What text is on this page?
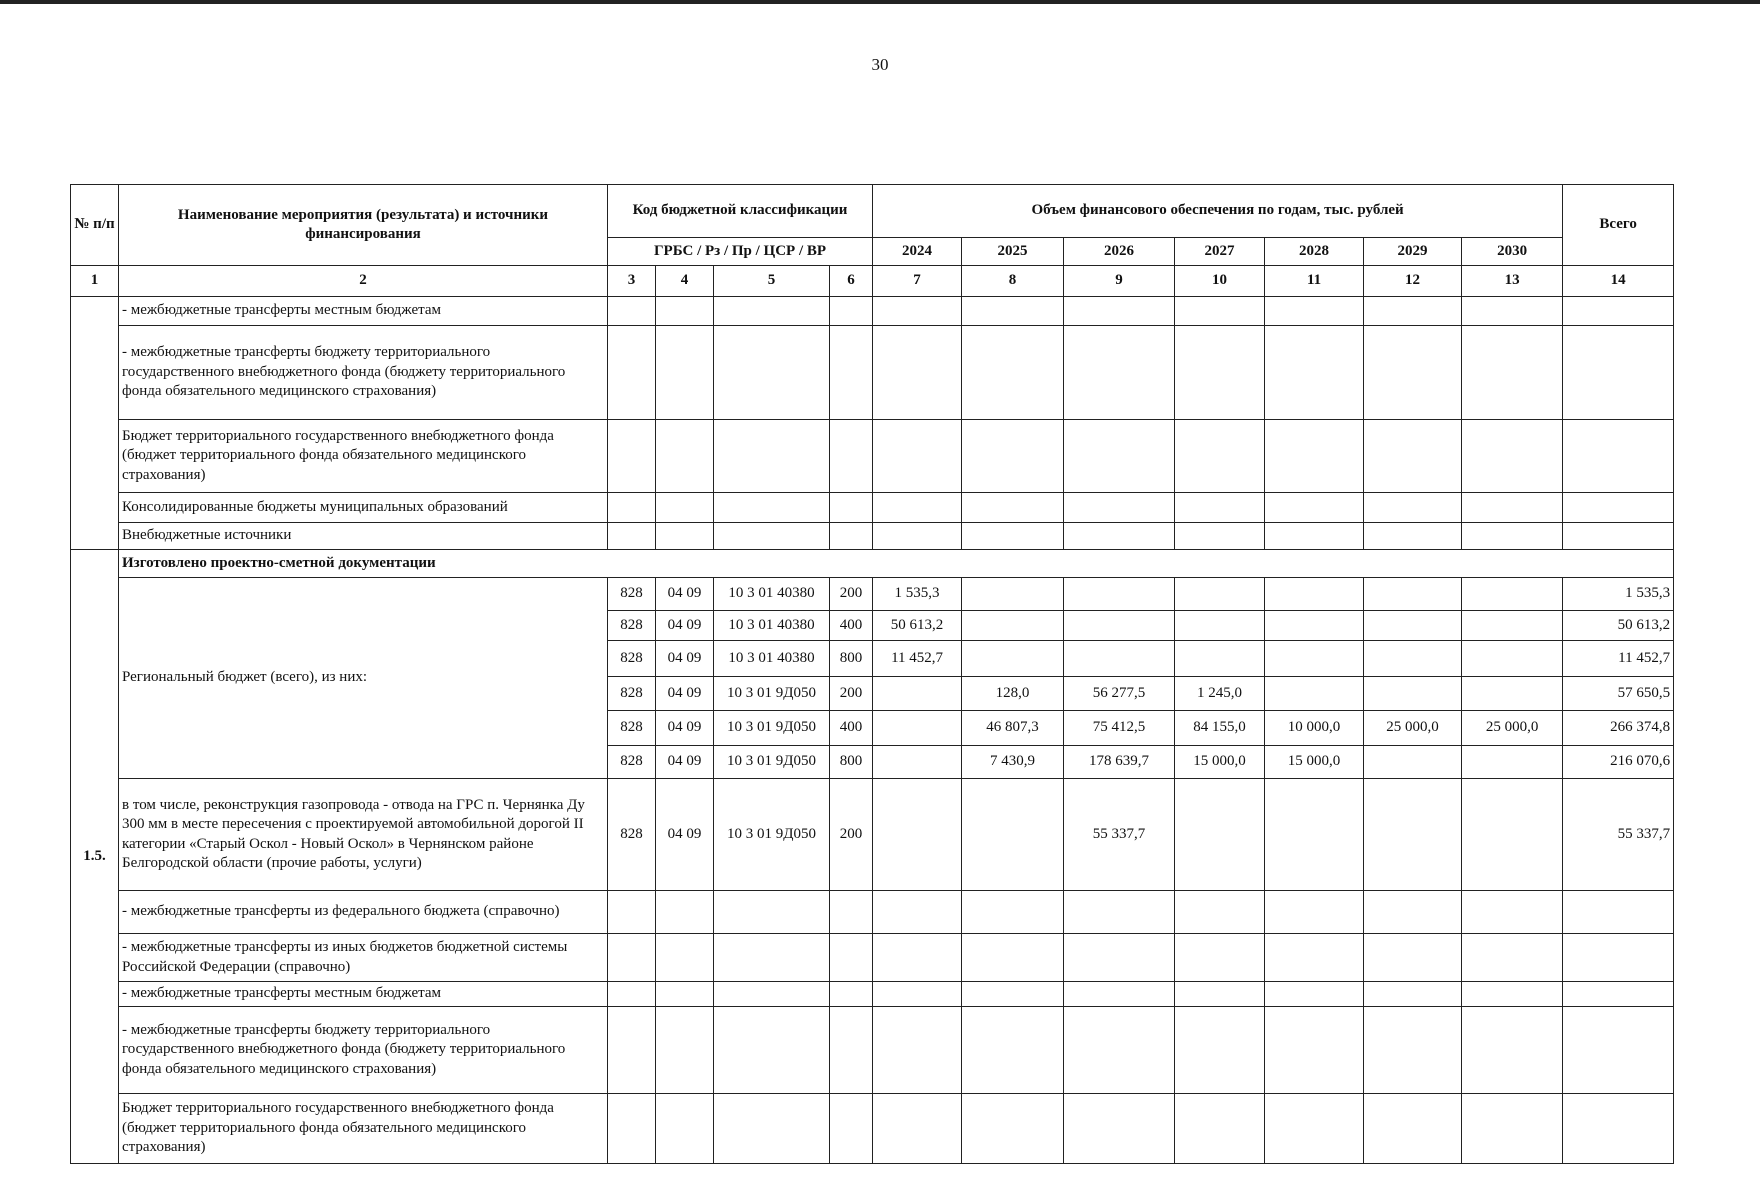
30
№ п/п	Наименование мероприятия (результата) и источники финансирования	Код бюджетной классификации				Объем финансового обеспечения по годам, тыс. рублей							Всего
		ГРБС / Рз / Пр / ЦСР / ВР				2024	2025	2026	2027	2028	2029	2030	
1	2	3	4	5	6	7	8	9	10	11	12	13	14
	- межбюджетные трансферты местным бюджетам												
	- межбюджетные трансферты бюджету территориального государственного внебюджетного фонда (бюджету территориального фонда обязательного медицинского страхования)												
	Бюджет территориального государственного внебюджетного фонда (бюджет территориального фонда обязательного медицинского страхования)												
	Консолидированные бюджеты муниципальных образований												
	Внебюджетные источники												
1.5.	Изготовлено проектно-сметной документации												
	Региональный бюджет (всего), из них:	828	04 09	10 3 01 40380	200	1 535,3							1 535,3
		828	04 09	10 3 01 40380	400	50 613,2							50 613,2
		828	04 09	10 3 01 40380	800	11 452,7							11 452,7
		828	04 09	10 3 01 9Д050	200		128,0	56 277,5	1 245,0				57 650,5
		828	04 09	10 3 01 9Д050	400		46 807,3	75 412,5	84 155,0	10 000,0	25 000,0	25 000,0	266 374,8
		828	04 09	10 3 01 9Д050	800		7 430,9	178 639,7	15 000,0	15 000,0			216 070,6
	в том числе, реконструкция газопровода - отвода на ГРС п. Чернянка Ду 300 мм в месте пересечения с проектируемой автомобильной дорогой II категории «Старый Оскол - Новый Оскол» в Чернянском районе Белгородской области (прочие работы, услуги)	828	04 09	10 3 01 9Д050	200			55 337,7					55 337,7
	- межбюджетные трансферты из федерального бюджета (справочно)												
	- межбюджетные трансферты из иных бюджетов бюджетной системы Российской Федерации (справочно)												
	- межбюджетные трансферты местным бюджетам												
	- межбюджетные трансферты бюджету территориального государственного внебюджетного фонда (бюджету территориального фонда обязательного медицинского страхования)												
	Бюджет территориального государственного внебюджетного фонда (бюджет территориального фонда обязательного медицинского страхования)												
